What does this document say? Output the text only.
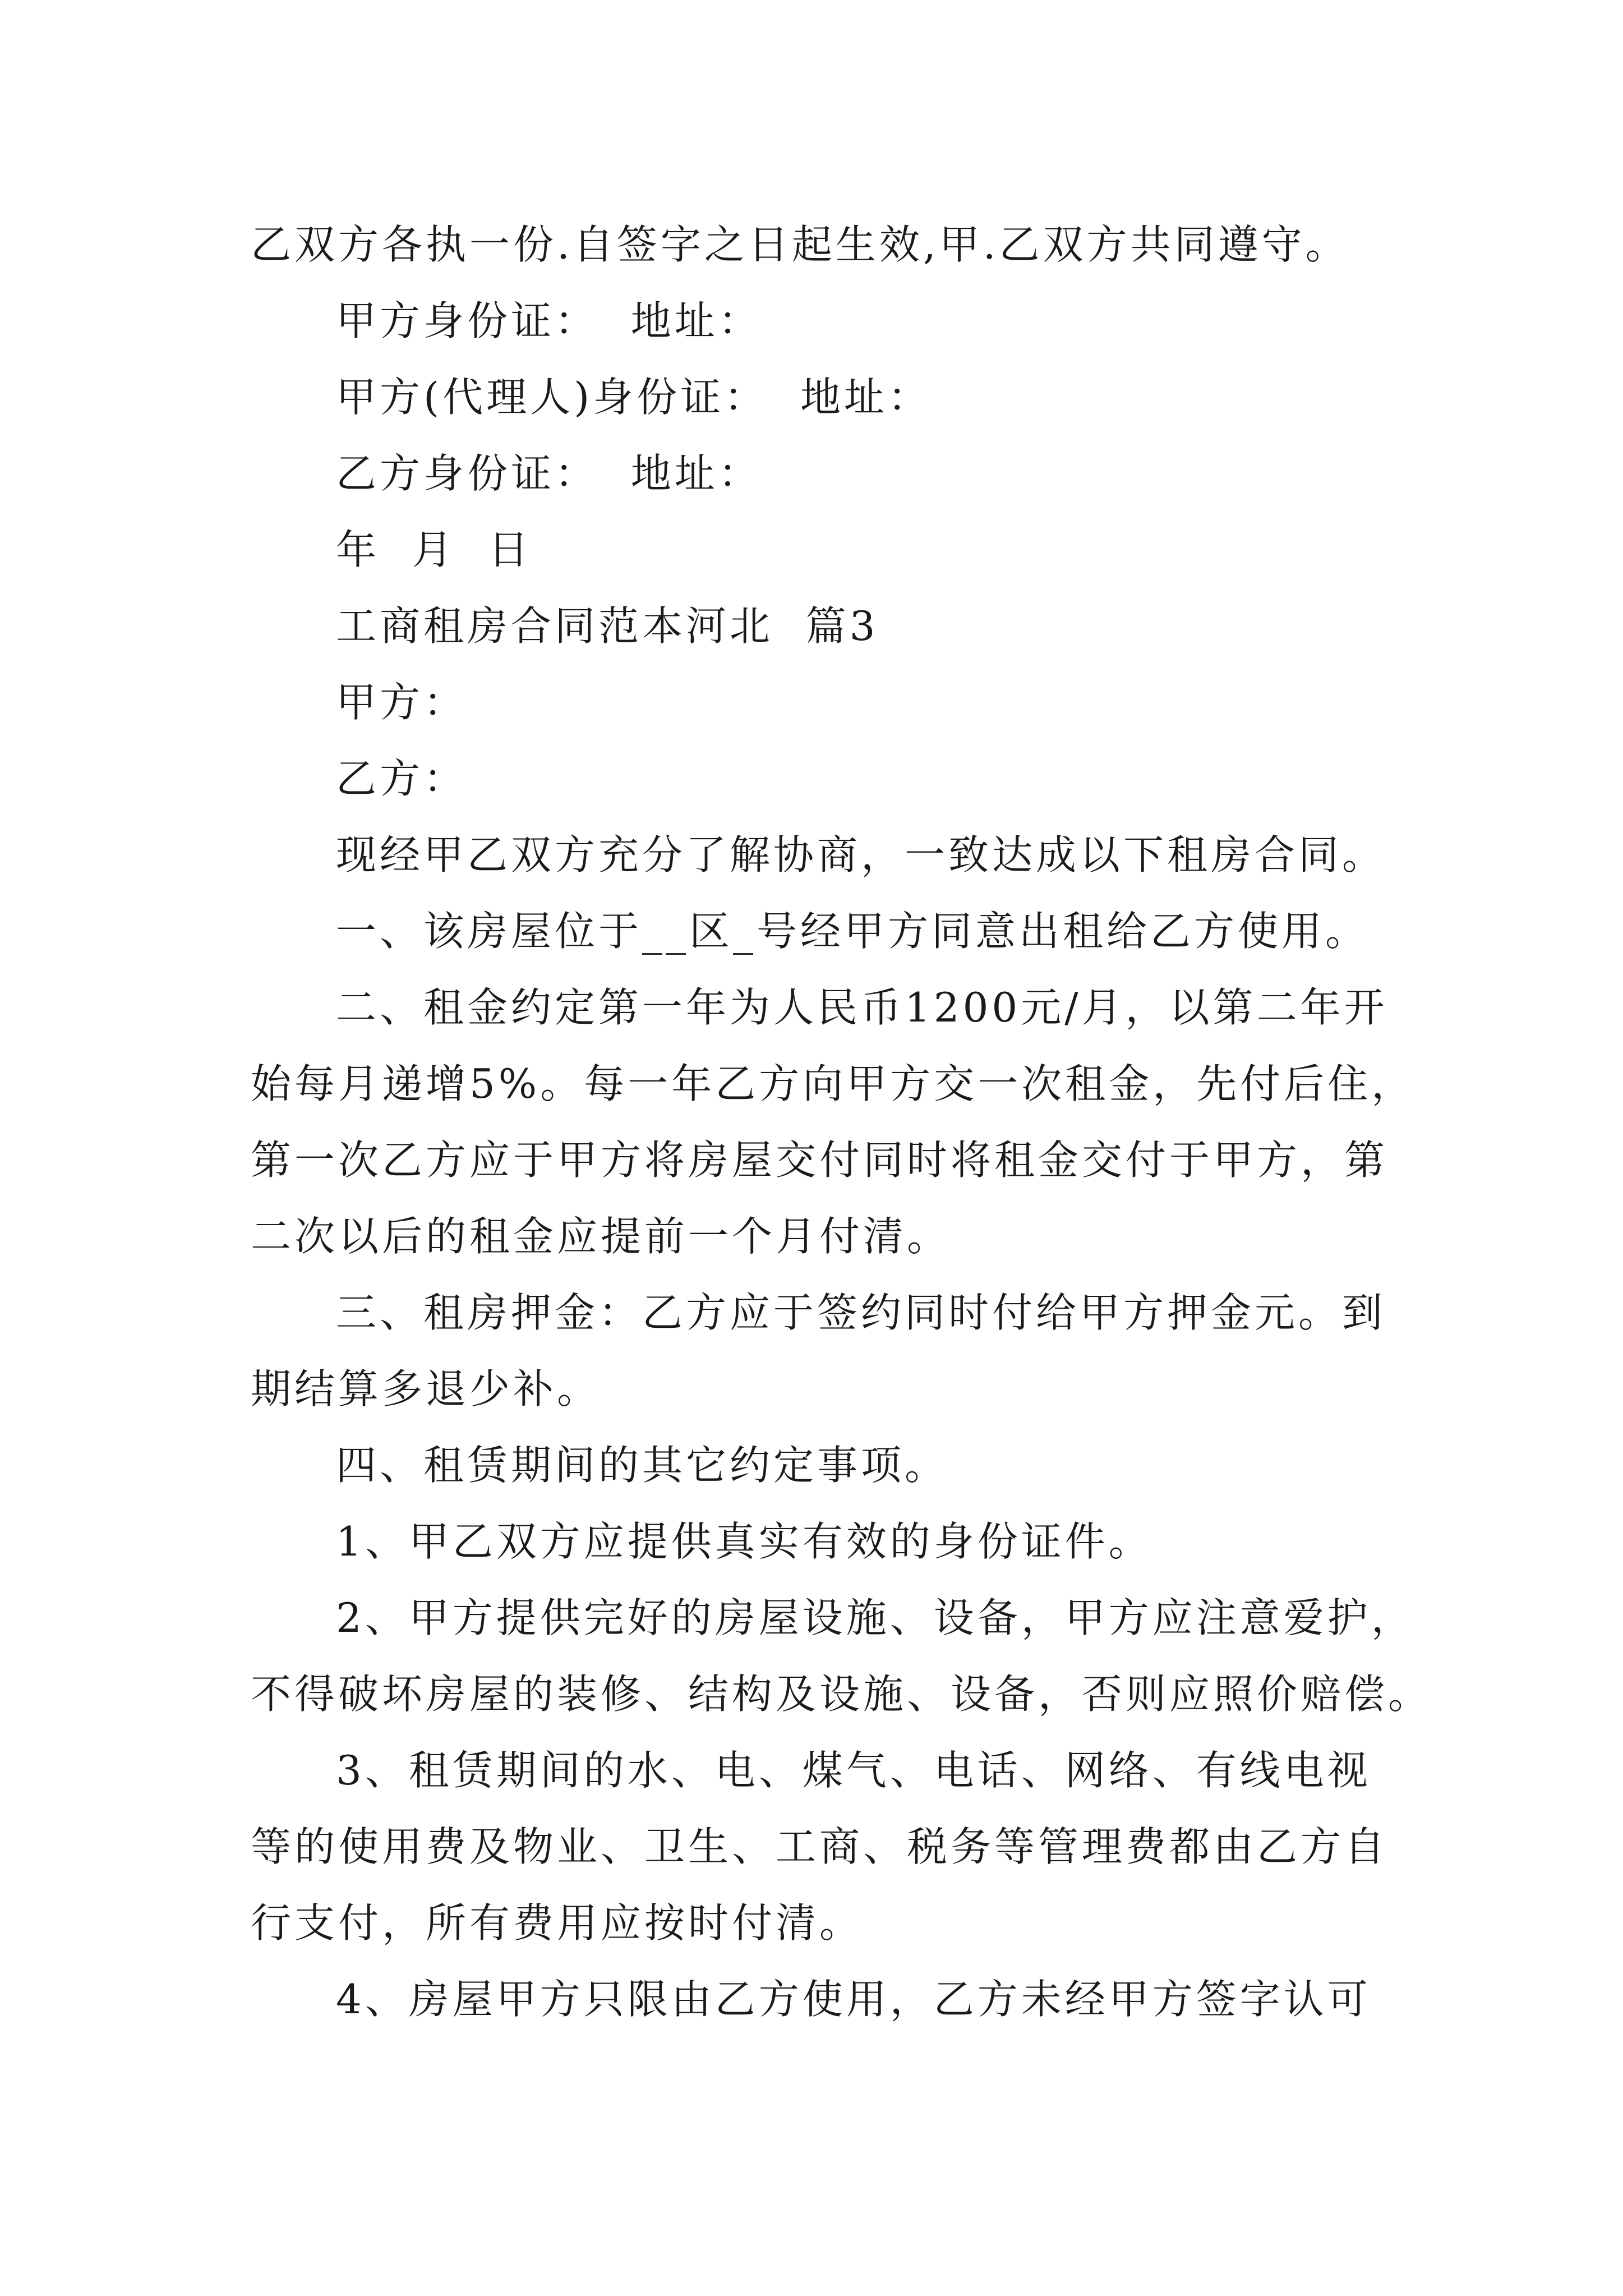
乙双方各执一份.自签字之日起生效,甲.乙双方共同遵守。
甲方身份证：  地址：
甲方(代理人)身份证：  地址：
乙方身份证：  地址：
年  月  日
工商租房合同范本河北  篇3
甲方：
乙方：
现经甲乙双方充分了解协商，一致达成以下租房合同。
一、该房屋位于__区_号经甲方同意出租给乙方使用。
二、租金约定第一年为人民币1200元/月，以第二年开
始每月递增5%。每一年乙方向甲方交一次租金，先付后住，
第一次乙方应于甲方将房屋交付同时将租金交付于甲方，第
二次以后的租金应提前一个月付清。
三、租房押金：乙方应于签约同时付给甲方押金元。到
期结算多退少补。
四、租赁期间的其它约定事项。
1、甲乙双方应提供真实有效的身份证件。
2、甲方提供完好的房屋设施、设备，甲方应注意爱护，
不得破坏房屋的装修、结构及设施、设备，否则应照价赔偿。
3、租赁期间的水、电、煤气、电话、网络、有线电视
等的使用费及物业、卫生、工商、税务等管理费都由乙方自
行支付，所有费用应按时付清。
4、房屋甲方只限由乙方使用，乙方未经甲方签字认可
